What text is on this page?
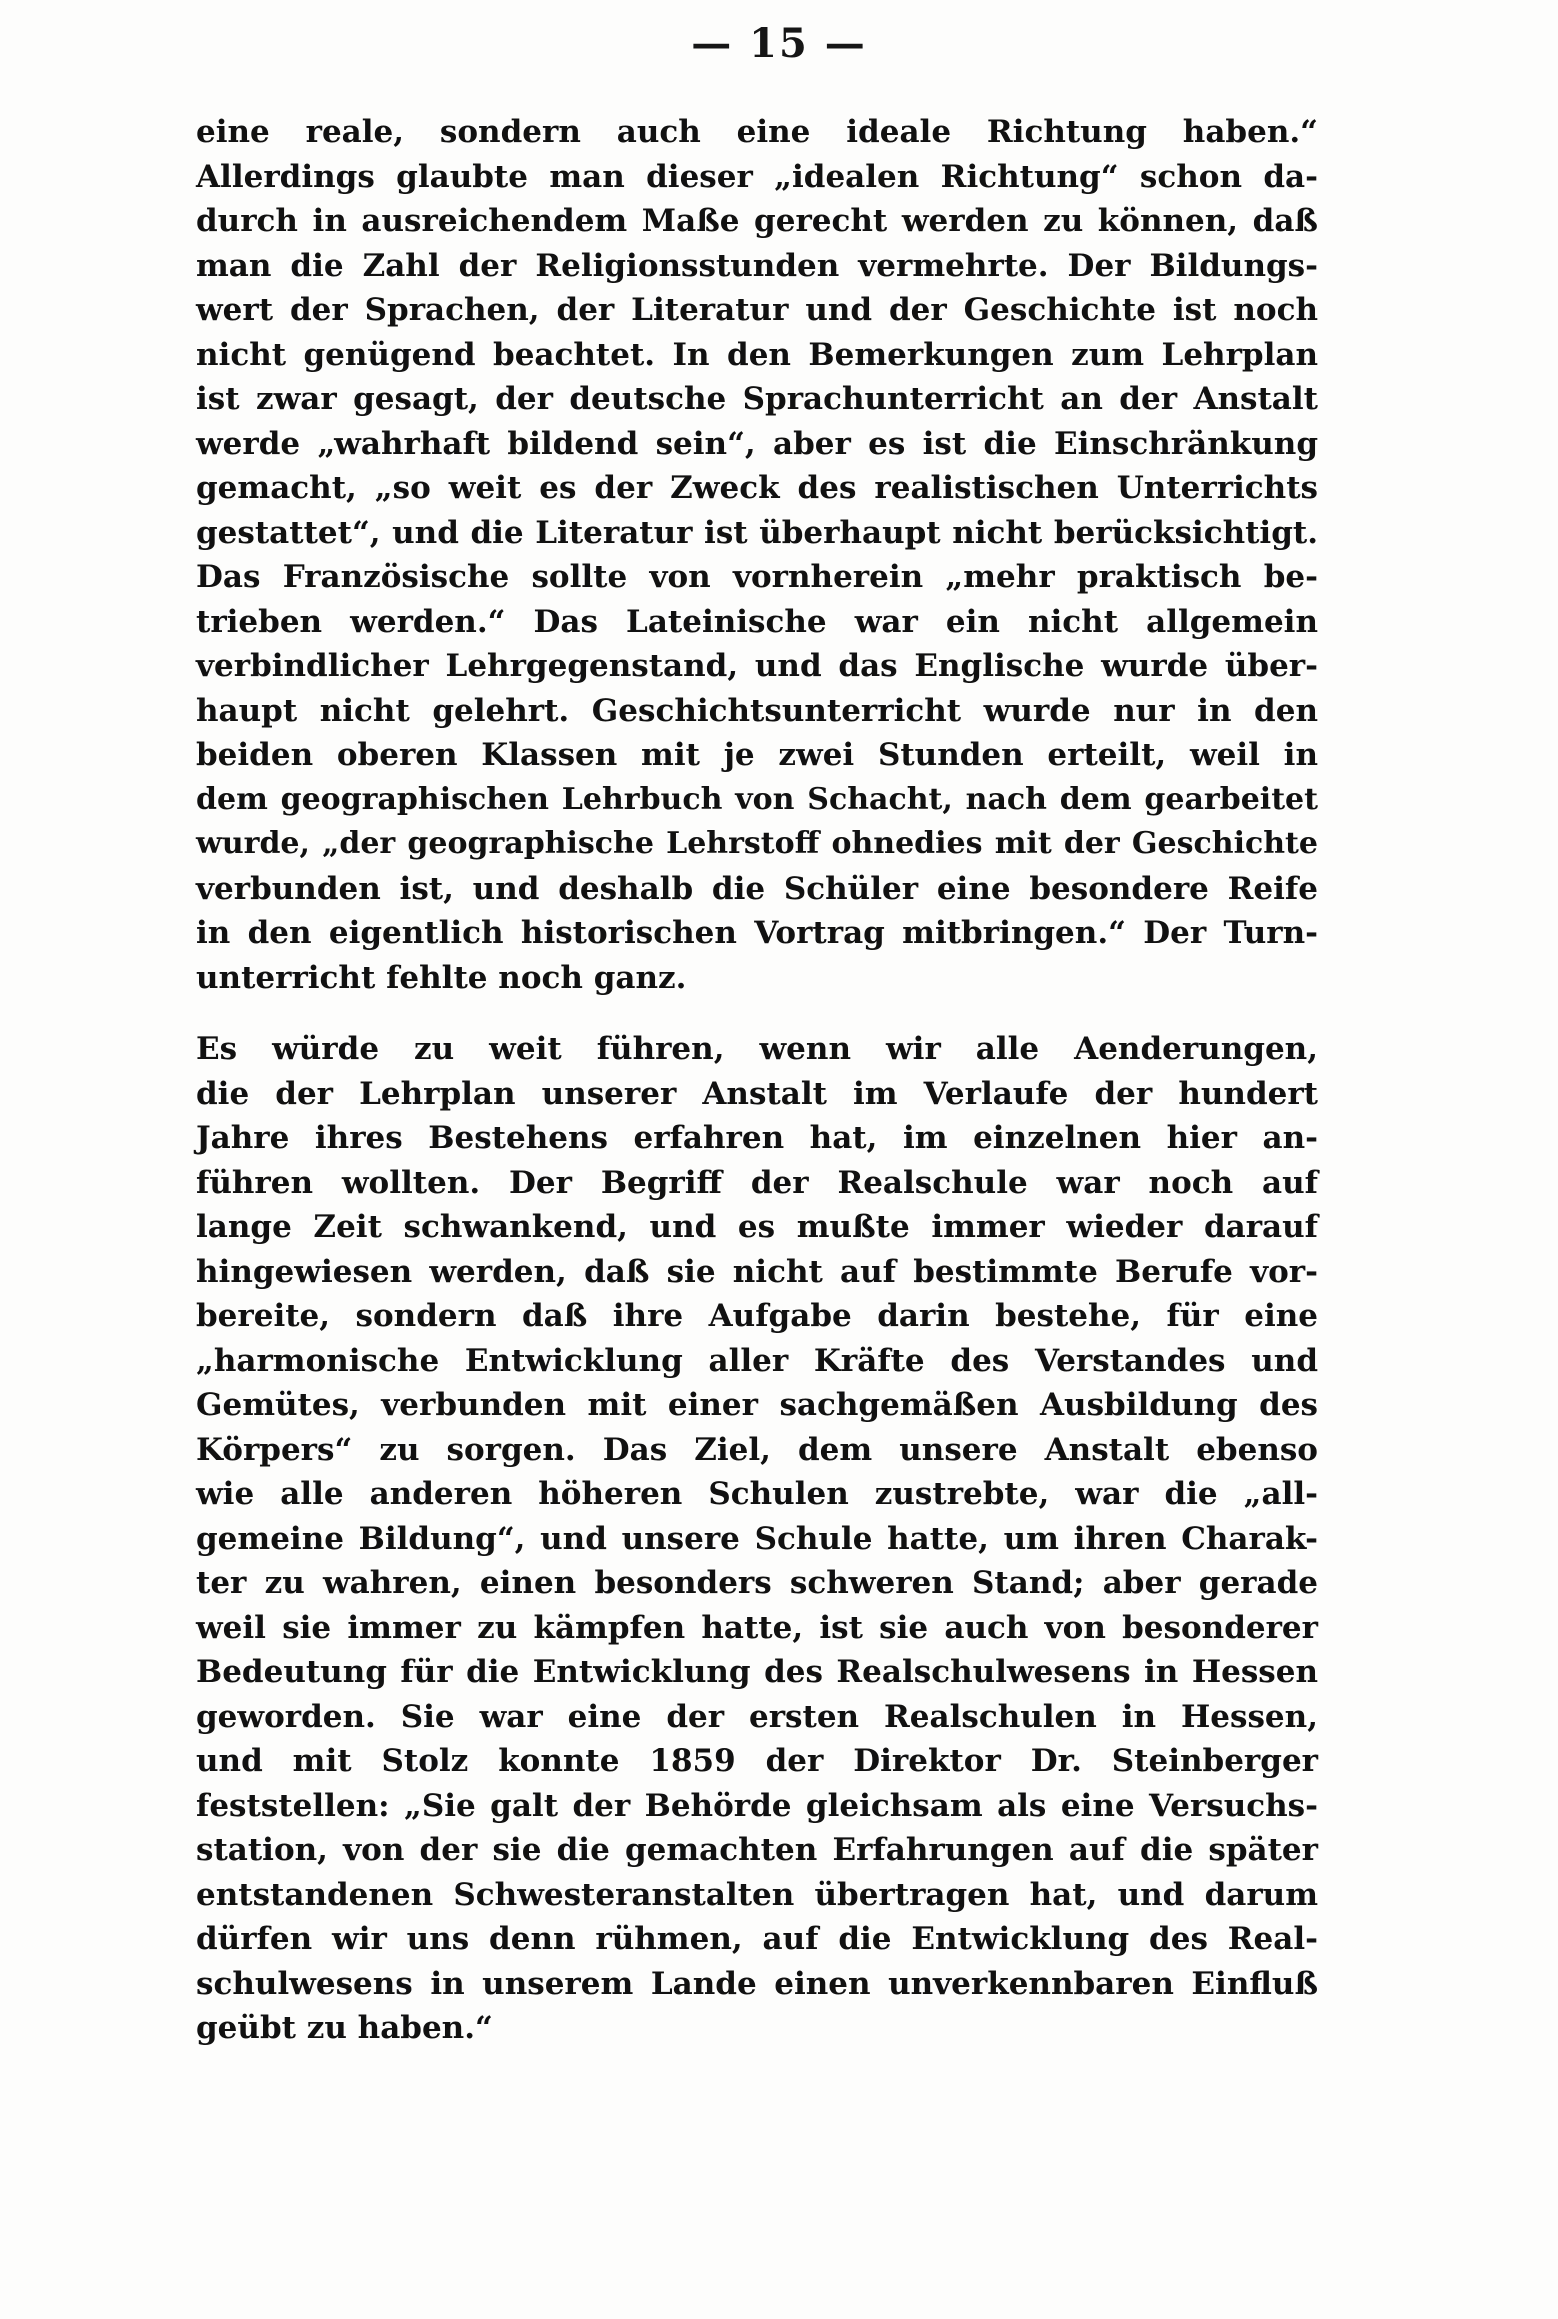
— 15 —
eine reale, sondern auch eine ideale Richtung haben.“
Allerdings glaubte man dieser „idealen Richtung“ schon da-
durch in ausreichendem Maße gerecht werden zu können, daß
man die Zahl der Religionsstunden vermehrte. Der Bildungs-
wert der Sprachen, der Literatur und der Geschichte ist noch
nicht genügend beachtet. In den Bemerkungen zum Lehrplan
ist zwar gesagt, der deutsche Sprachunterricht an der Anstalt
werde „wahrhaft bildend sein“, aber es ist die Einschränkung
gemacht, „so weit es der Zweck des realistischen Unterrichts
gestattet“, und die Literatur ist überhaupt nicht berücksichtigt.
Das Französische sollte von vornherein „mehr praktisch be-
trieben werden.“ Das Lateinische war ein nicht allgemein
verbindlicher Lehrgegenstand, und das Englische wurde über-
haupt nicht gelehrt. Geschichtsunterricht wurde nur in den
beiden oberen Klassen mit je zwei Stunden erteilt, weil in
dem geographischen Lehrbuch von Schacht, nach dem gearbeitet
wurde, „der geographische Lehrstoff ohnedies mit der Geschichte
verbunden ist, und deshalb die Schüler eine besondere Reife
in den eigentlich historischen Vortrag mitbringen.“ Der Turn-
unterricht fehlte noch ganz.
Es würde zu weit führen, wenn wir alle Aenderungen,
die der Lehrplan unserer Anstalt im Verlaufe der hundert
Jahre ihres Bestehens erfahren hat, im einzelnen hier an-
führen wollten. Der Begriff der Realschule war noch auf
lange Zeit schwankend, und es mußte immer wieder darauf
hingewiesen werden, daß sie nicht auf bestimmte Berufe vor-
bereite, sondern daß ihre Aufgabe darin bestehe, für eine
„harmonische Entwicklung aller Kräfte des Verstandes und
Gemütes, verbunden mit einer sachgemäßen Ausbildung des
Körpers“ zu sorgen. Das Ziel, dem unsere Anstalt ebenso
wie alle anderen höheren Schulen zustrebte, war die „all-
gemeine Bildung“, und unsere Schule hatte, um ihren Charak-
ter zu wahren, einen besonders schweren Stand; aber gerade
weil sie immer zu kämpfen hatte, ist sie auch von besonderer
Bedeutung für die Entwicklung des Realschulwesens in Hessen
geworden. Sie war eine der ersten Realschulen in Hessen,
und mit Stolz konnte 1859 der Direktor Dr. Steinberger
feststellen: „Sie galt der Behörde gleichsam als eine Versuchs-
station, von der sie die gemachten Erfahrungen auf die später
entstandenen Schwesteranstalten übertragen hat, und darum
dürfen wir uns denn rühmen, auf die Entwicklung des Real-
schulwesens in unserem Lande einen unverkennbaren Einfluß
geübt zu haben.“
